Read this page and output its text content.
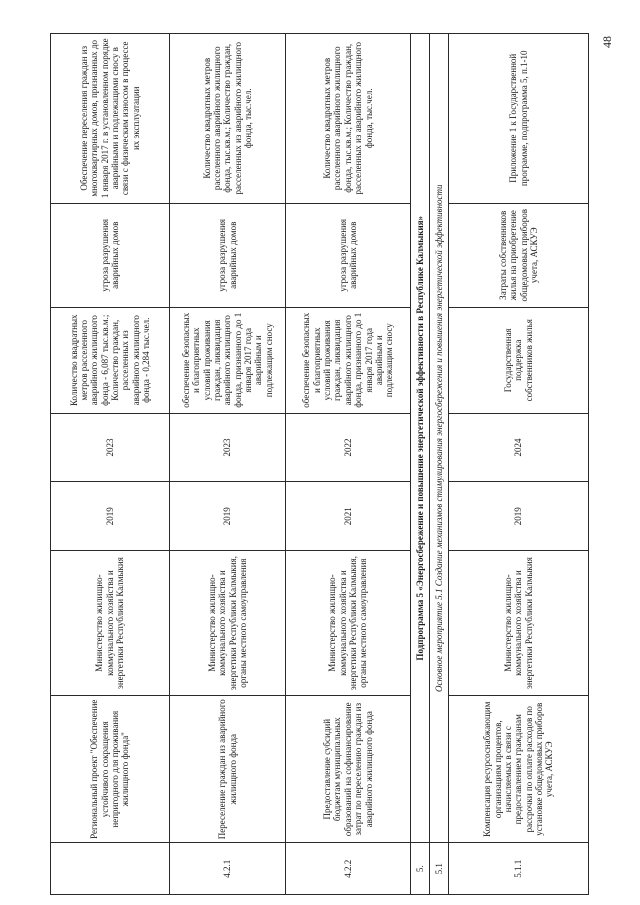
48
	Региональный проект "Обеспечение устойчивого сокращения непригодного для проживания жилищного фонда"	Министерство жилищно-коммунального хозяйства и энергетики Республики Калмыкия	2019	2023	Количество квадратных метров расселенного аварийного жилищного фонда - 6,087 тыс.кв.м.; Количество граждан, расселенных из аварийного жилищного фонда - 0,284 тыс.чел.	угроза разрушения аварийных домов	Обеспечение переселения граждан из многоквартирных домов, признанных до 1 января 2017 г. в установленном порядке аварийными и подлежащими сносу в связи с физическим износом в процессе их эксплуатации
4.2.1	Переселение граждан из аварийного жилищного фонда	Министерство жилищно-коммунального хозяйства и энергетики Республики Калмыкия, органы местного самоуправления	2019	2023	обеспечение безопасных и благоприятных условий проживания граждан, ликвидация аварийного жилищного фонда, признанного до 1 января 2017 года аварийным и подлежащим сносу	угроза разрушения аварийных домов	Количество квадратных метров расселенного аварийного жилищного фонда, тыс.кв.м.; Количество граждан, расселенных из аварийного жилищного фонда, тыс.чел.
4.2.2	Предоставление субсидий бюджетам муниципальных образований на софинансирование затрат по переселению граждан из аварийного жилищного фонда	Министерство жилищно-коммунального хозяйства и энергетики Республики Калмыкия, органы местного самоуправления	2021	2022	обеспечение безопасных и благоприятных условий проживания граждан, ликвидация аварийного жилищного фонда, признанного до 1 января 2017 года аварийным и подлежащим сносу	угроза разрушения аварийных домов	Количество квадратных метров расселенного аварийного жилищного фонда, тыс.кв.м.; Количество граждан, расселенных из аварийного жилищного фонда, тыс.чел.
5.	Подпрограмма 5 «Энергосбережение и повышение энергетической эффективности в Республике Калмыкия»						
5.1	Основное мероприятие 5.1 Создание механизмов стимулирования энергосбережения и повышения энергетической эффективности						
5.1.1	Компенсация ресурсоснабжающим организациям процентов, начисляемых в связи с предоставлением гражданам рассрочки по оплате расходов по установке общедомовых приборов учета, АСКУЭ	Министерство жилищно-коммунального хозяйства и энергетики Республики Калмыкия	2019	2024	Государственная поддержка собственников жилья	Затраты собственников жилья на приобретение общедомовых приборов учета, АСКУЭ	Приложение 1 к Государственной программе, подпрограмма 5, п.1-10
